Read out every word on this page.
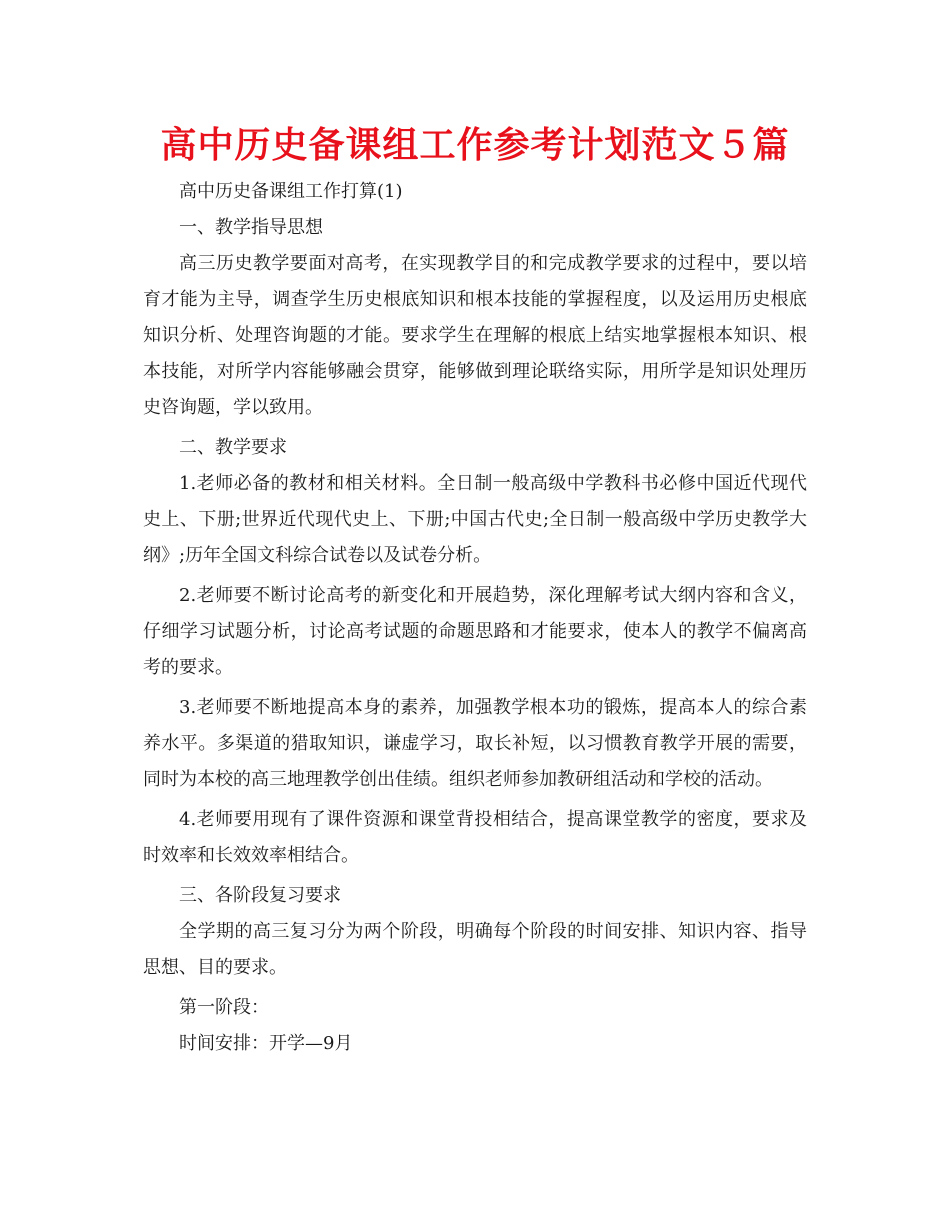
高中历史备课组工作参考计划范文５篇

高中历史备课组工作打算(1)

一、教学指导思想

高三历史教学要面对高考，在实现教学目的和完成教学要求的过程中，要以培育才能为主导，调查学生历史根底知识和根本技能的掌握程度，以及运用历史根底知识分析、处理咨询题的才能。要求学生在理解的根底上结实地掌握根本知识、根本技能，对所学内容能够融会贯穿，能够做到理论联络实际，用所学是知识处理历史咨询题，学以致用。

二、教学要求

1.老师必备的教材和相关材料。全日制一般高级中学教科书必修中国近代现代史上、下册;世界近代现代史上、下册;中国古代史;全日制一般高级中学历史教学大纲》;历年全国文科综合试卷以及试卷分析。

2.老师要不断讨论高考的新变化和开展趋势，深化理解考试大纲内容和含义，仔细学习试题分析，讨论高考试题的命题思路和才能要求，使本人的教学不偏离高考的要求。

3.老师要不断地提高本身的素养，加强教学根本功的锻炼，提高本人的综合素养水平。多渠道的猎取知识，谦虚学习，取长补短，以习惯教育教学开展的需要，同时为本校的高三地理教学创出佳绩。组织老师参加教研组活动和学校的活动。

4.老师要用现有了课件资源和课堂背投相结合，提高课堂教学的密度，要求及时效率和长效效率相结合。

三、各阶段复习要求

全学期的高三复习分为两个阶段，明确每个阶段的时间安排、知识内容、指导思想、目的要求。

第一阶段：

时间安排：开学—9月
